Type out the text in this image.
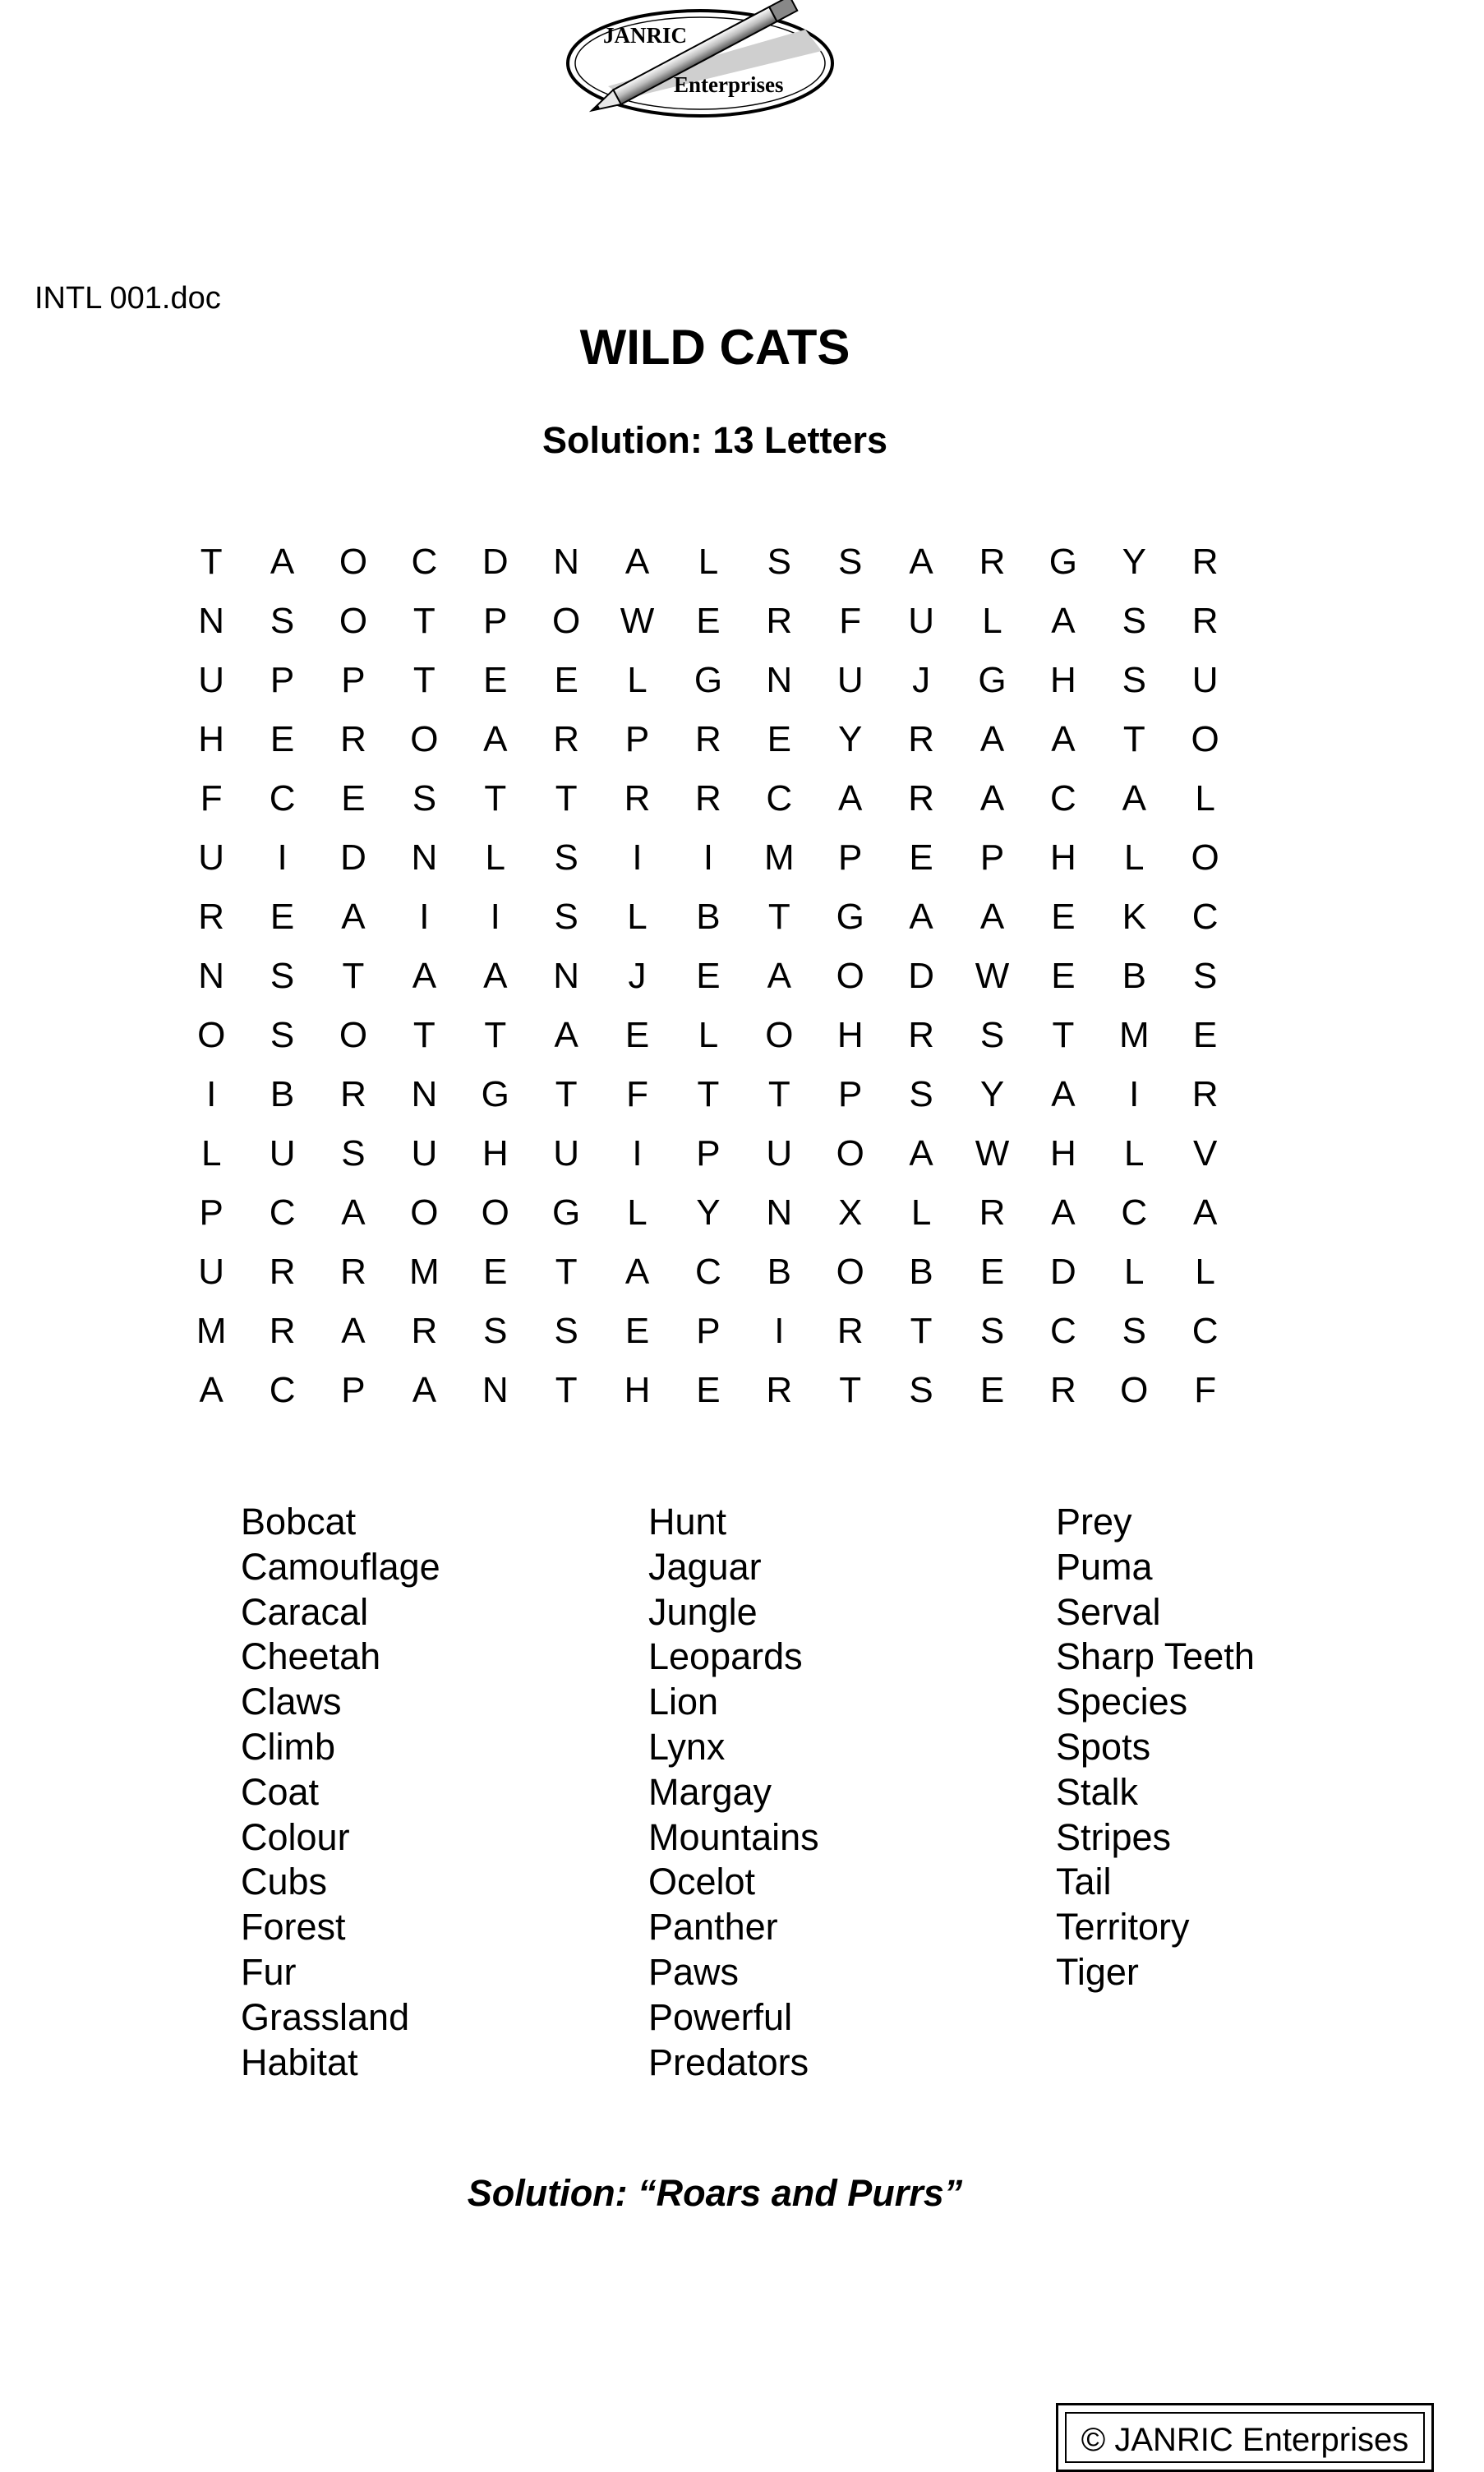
JANRIC
Enterprises
INTL 001.doc
WILD CATS
Solution: 13 Letters
T	A	O	C	D	N	A	L	S	S	A	R	G	Y	R
N	S	O	T	P	O	W	E	R	F	U	L	A	S	R
U	P	P	T	E	E	L	G	N	U	J	G	H	S	U
H	E	R	O	A	R	P	R	E	Y	R	A	A	T	O
F	C	E	S	T	T	R	R	C	A	R	A	C	A	L
U	I	D	N	L	S	I	I	M	P	E	P	H	L	O
R	E	A	I	I	S	L	B	T	G	A	A	E	K	C
N	S	T	A	A	N	J	E	A	O	D	W	E	B	S
O	S	O	T	T	A	E	L	O	H	R	S	T	M	E
I	B	R	N	G	T	F	T	T	P	S	Y	A	I	R
L	U	S	U	H	U	I	P	U	O	A	W	H	L	V
P	C	A	O	O	G	L	Y	N	X	L	R	A	C	A
U	R	R	M	E	T	A	C	B	O	B	E	D	L	L
M	R	A	R	S	S	E	P	I	R	T	S	C	S	C
A	C	P	A	N	T	H	E	R	T	S	E	R	O	F
Bobcat
Camouflage
Caracal
Cheetah
Claws
Climb
Coat
Colour
Cubs
Forest
Fur
Grassland
Habitat
Hunt
Jaguar
Jungle
Leopards
Lion
Lynx
Margay
Mountains
Ocelot
Panther
Paws
Powerful
Predators
Prey
Puma
Serval
Sharp Teeth
Species
Spots
Stalk
Stripes
Tail
Territory
Tiger
Solution: “Roars and Purrs”
© JANRIC Enterprises
